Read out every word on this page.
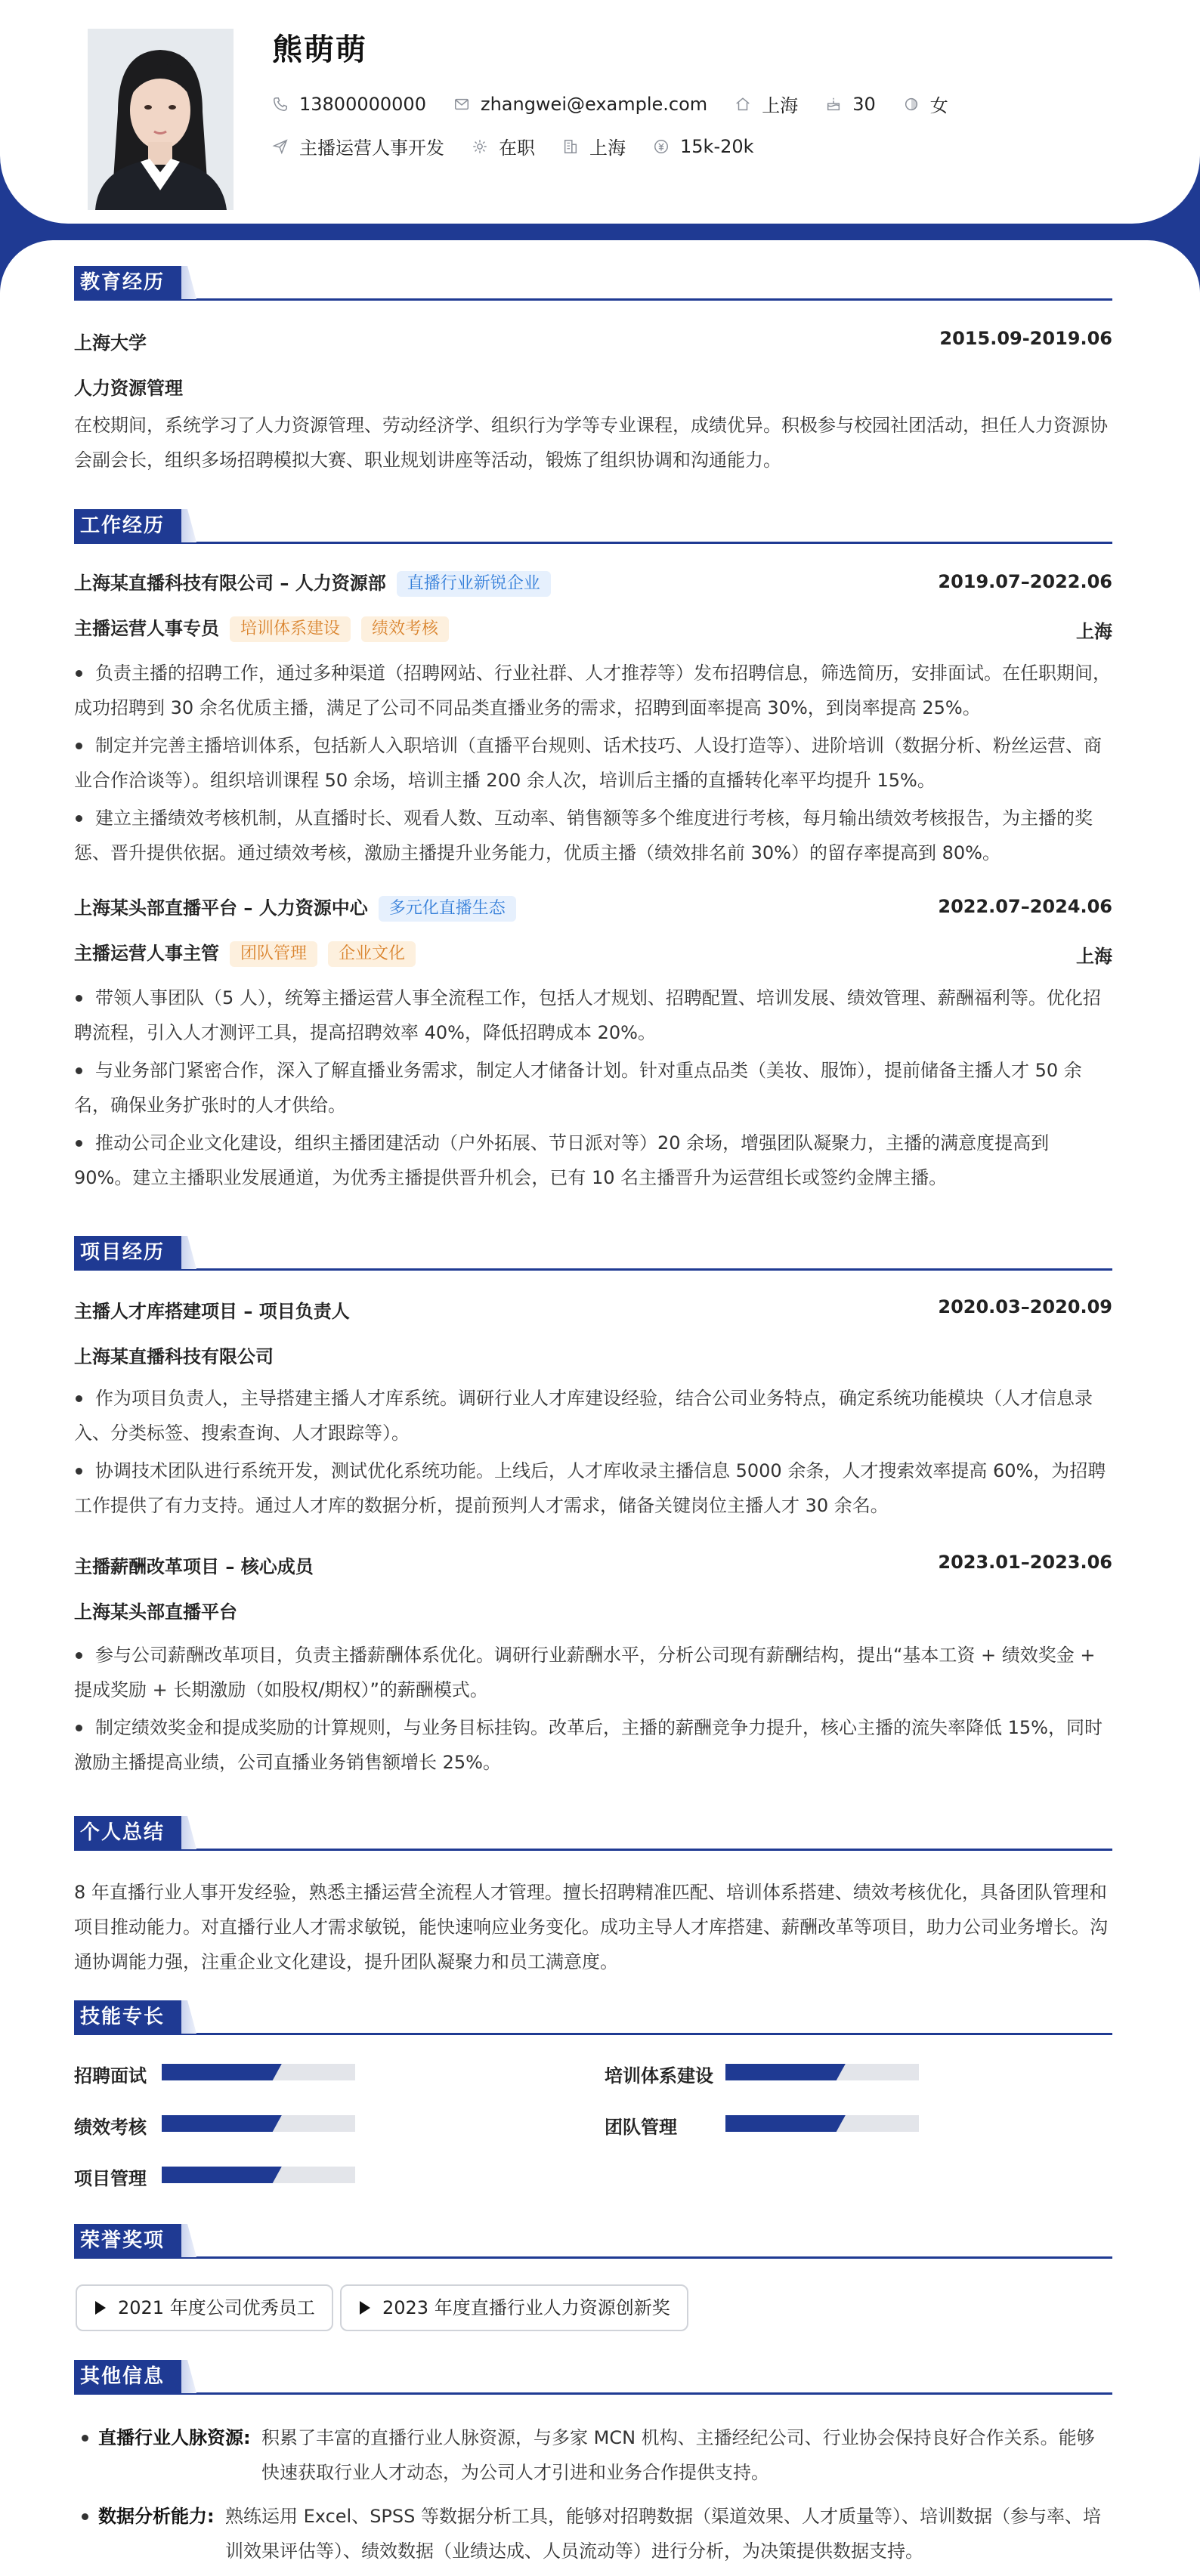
熊萌萌
13800000000	zhangwei@example.com	上海	30	女
主播运营人事开发	在职	上海	15k-20k
教育经历
上海大学	2015.09-2019.06
人力资源管理
在校期间，系统学习了人力资源管理、劳动经济学、组织行为学等专业课程，成绩优异。积极参与校园社团活动，担任人力资源协会副会长，组织多场招聘模拟大赛、职业规划讲座等活动，锻炼了组织协调和沟通能力。
工作经历
上海某直播科技有限公司 – 人力资源部 直播行业新锐企业	2019.07–2022.06
主播运营人事专员 培训体系建设 绩效考核	上海
负责主播的招聘工作，通过多种渠道（招聘网站、行业社群、人才推荐等）发布招聘信息，筛选简历，安排面试。在任职期间，成功招聘到 30 余名优质主播，满足了公司不同品类直播业务的需求，招聘到面率提高 30%，到岗率提高 25%。
制定并完善主播培训体系，包括新人入职培训（直播平台规则、话术技巧、人设打造等）、进阶培训（数据分析、粉丝运营、商业合作洽谈等）。组织培训课程 50 余场，培训主播 200 余人次，培训后主播的直播转化率平均提升 15%。
建立主播绩效考核机制，从直播时长、观看人数、互动率、销售额等多个维度进行考核，每月输出绩效考核报告，为主播的奖惩、晋升提供依据。通过绩效考核，激励主播提升业务能力，优质主播（绩效排名前 30%）的留存率提高到 80%。
上海某头部直播平台 – 人力资源中心 多元化直播生态	2022.07–2024.06
主播运营人事主管 团队管理 企业文化	上海
带领人事团队（5 人），统筹主播运营人事全流程工作，包括人才规划、招聘配置、培训发展、绩效管理、薪酬福利等。优化招聘流程，引入人才测评工具，提高招聘效率 40%，降低招聘成本 20%。
与业务部门紧密合作，深入了解直播业务需求，制定人才储备计划。针对重点品类（美妆、服饰），提前储备主播人才 50 余名，确保业务扩张时的人才供给。
推动公司企业文化建设，组织主播团建活动（户外拓展、节日派对等）20 余场，增强团队凝聚力，主播的满意度提高到 90%。建立主播职业发展通道，为优秀主播提供晋升机会，已有 10 名主播晋升为运营组长或签约金牌主播。
项目经历
主播人才库搭建项目 – 项目负责人	2020.03–2020.09
上海某直播科技有限公司
作为项目负责人，主导搭建主播人才库系统。调研行业人才库建设经验，结合公司业务特点，确定系统功能模块（人才信息录入、分类标签、搜索查询、人才跟踪等）。
协调技术团队进行系统开发，测试优化系统功能。上线后，人才库收录主播信息 5000 余条，人才搜索效率提高 60%，为招聘工作提供了有力支持。通过人才库的数据分析，提前预判人才需求，储备关键岗位主播人才 30 余名。
主播薪酬改革项目 – 核心成员	2023.01–2023.06
上海某头部直播平台
参与公司薪酬改革项目，负责主播薪酬体系优化。调研行业薪酬水平，分析公司现有薪酬结构，提出“基本工资 + 绩效奖金 + 提成奖励 + 长期激励（如股权/期权）”的薪酬模式。
制定绩效奖金和提成奖励的计算规则，与业务目标挂钩。改革后，主播的薪酬竞争力提升，核心主播的流失率降低 15%，同时激励主播提高业绩，公司直播业务销售额增长 25%。
个人总结
8 年直播行业人事开发经验，熟悉主播运营全流程人才管理。擅长招聘精准匹配、培训体系搭建、绩效考核优化，具备团队管理和项目推动能力。对直播行业人才需求敏锐，能快速响应业务变化。成功主导人才库搭建、薪酬改革等项目，助力公司业务增长。沟通协调能力强，注重企业文化建设，提升团队凝聚力和员工满意度。
技能专长
招聘面试	培训体系建设
绩效考核	团队管理
项目管理
荣誉奖项
2021 年度公司优秀员工	2023 年度直播行业人力资源创新奖
其他信息
直播行业人脉资源: 积累了丰富的直播行业人脉资源，与多家 MCN 机构、主播经纪公司、行业协会保持良好合作关系。能够
快速获取行业人才动态，为公司人才引进和业务合作提供支持。
数据分析能力: 熟练运用 Excel、SPSS 等数据分析工具，能够对招聘数据（渠道效果、人才质量等）、培训数据（参与率、培
训效果评估等）、绩效数据（业绩达成、人员流动等）进行分析，为决策提供数据支持。
